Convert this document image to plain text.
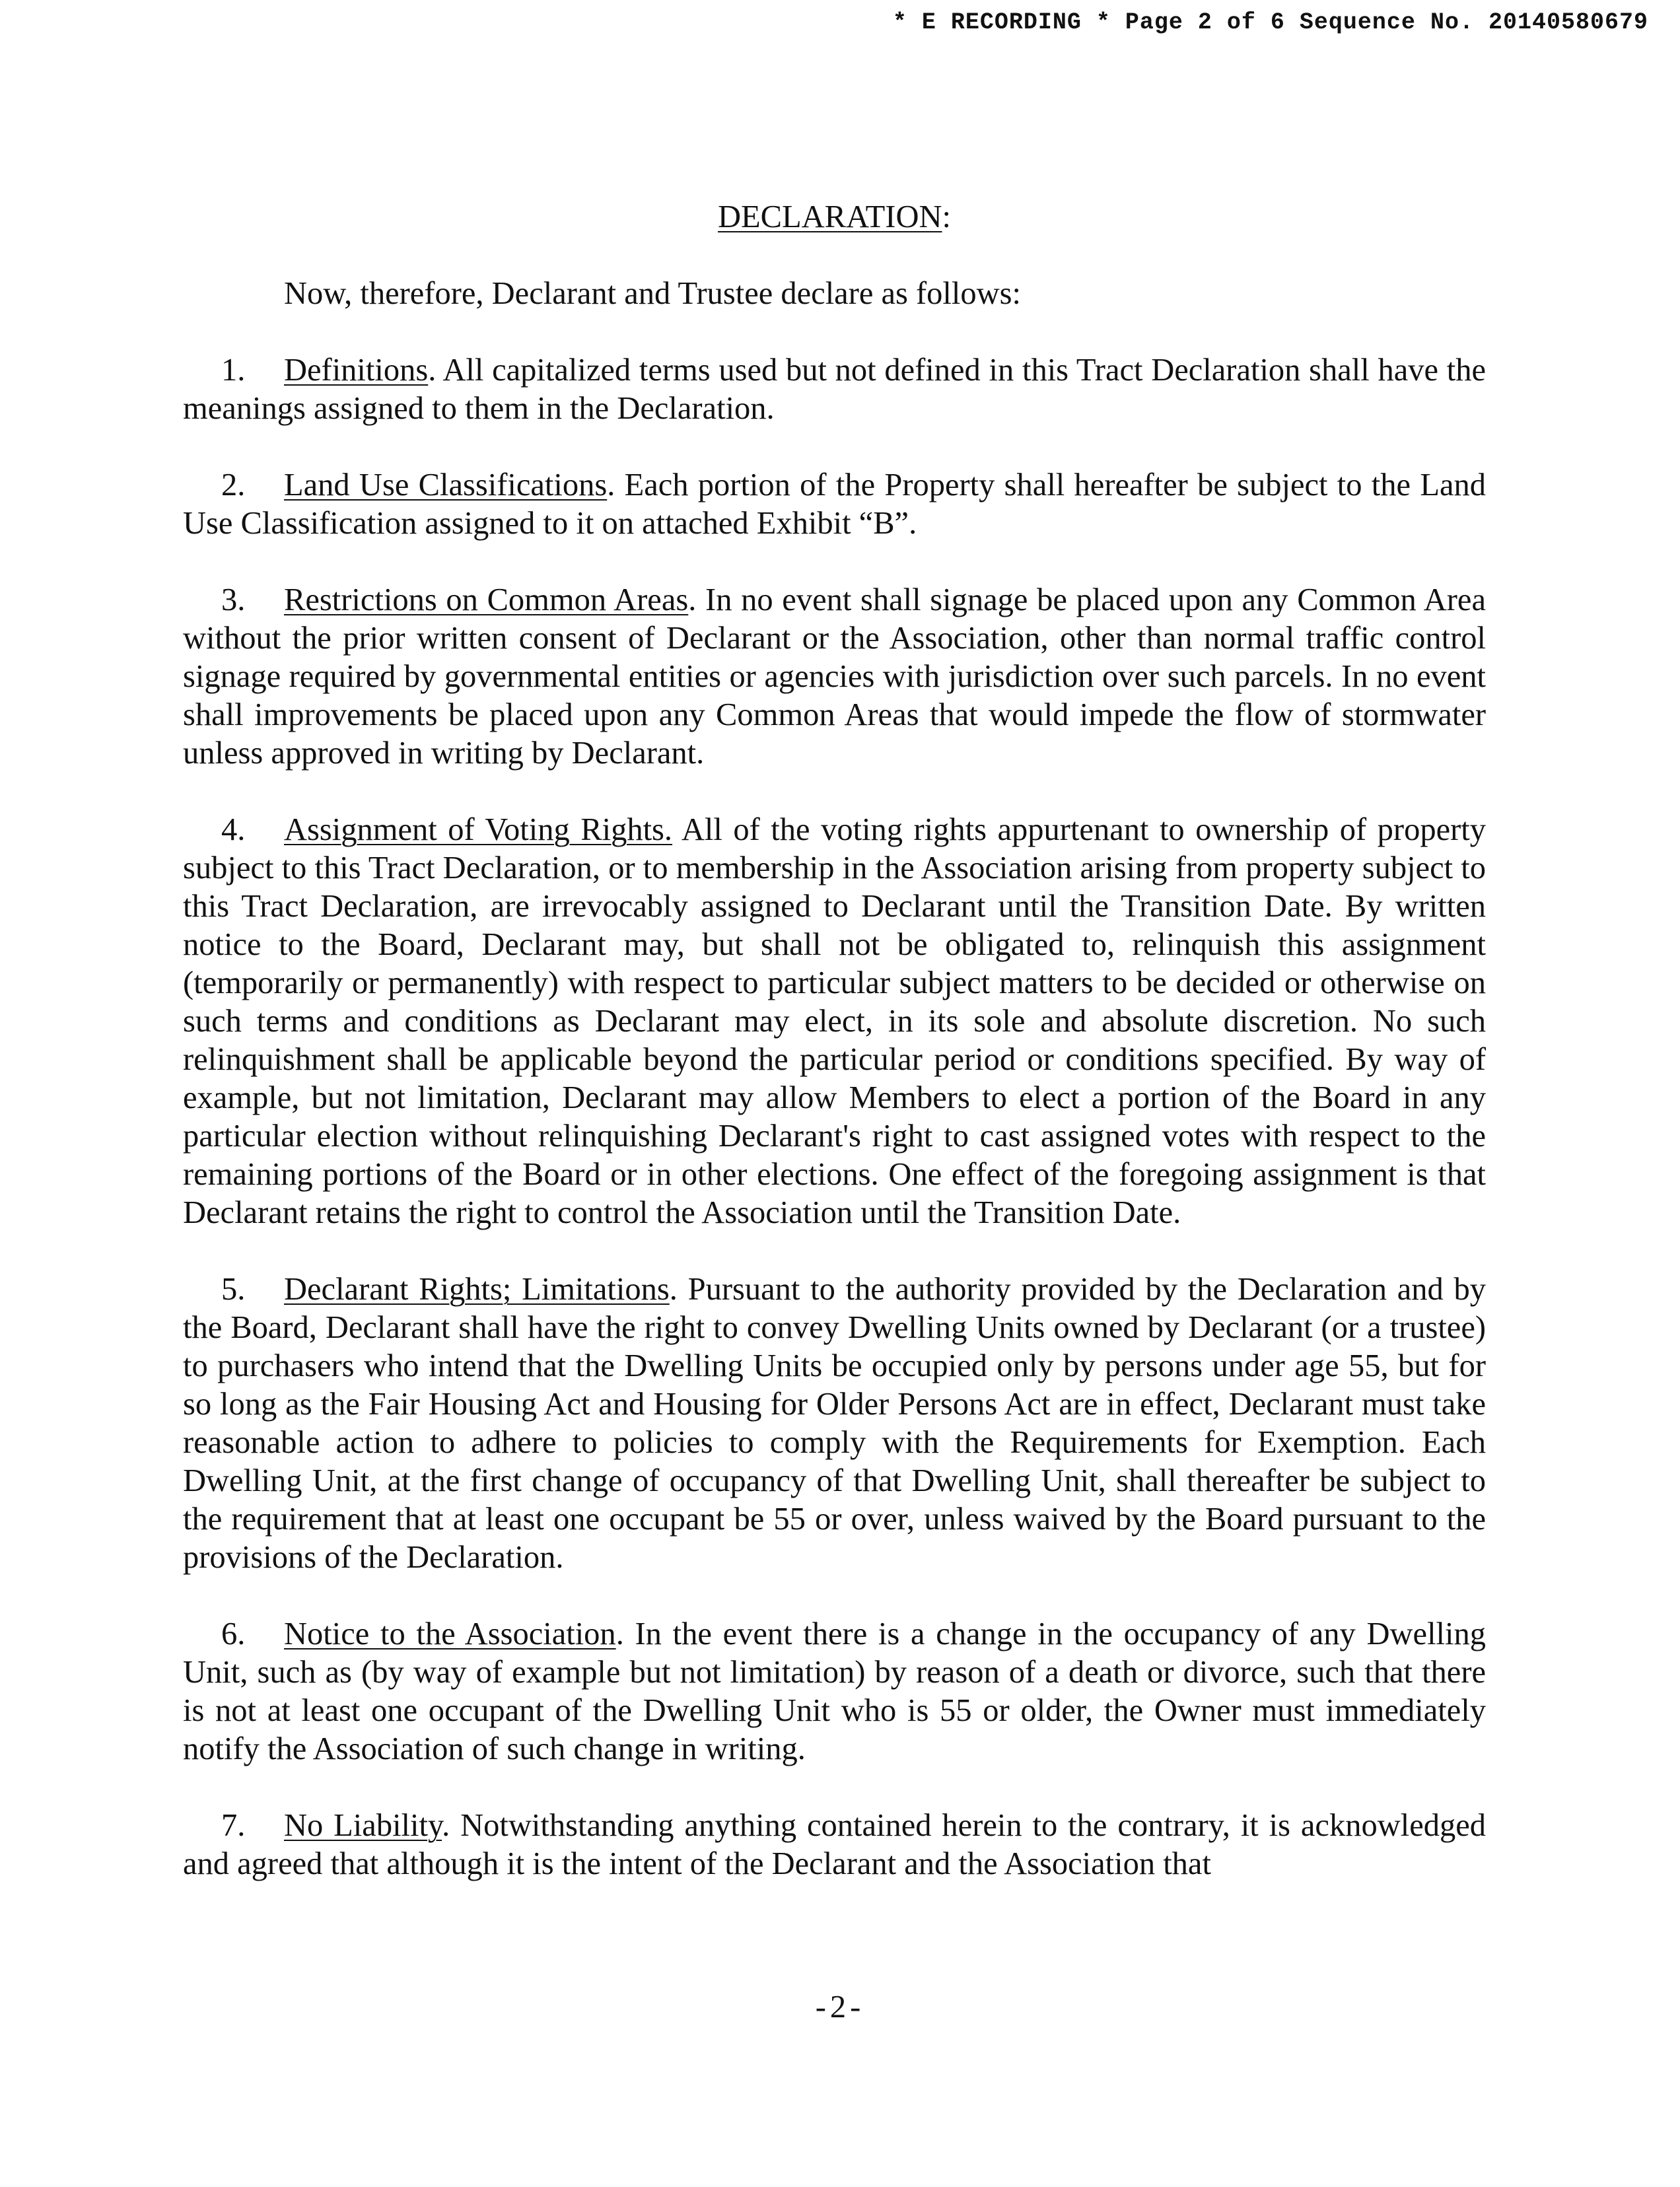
* E RECORDING * Page 2 of 6 Sequence No. 20140580679

DECLARATION:

Now, therefore, Declarant and Trustee declare as follows:

1. Definitions. All capitalized terms used but not defined in this Tract Declaration shall have the meanings assigned to them in the Declaration.

2. Land Use Classifications. Each portion of the Property shall hereafter be subject to the Land Use Classification assigned to it on attached Exhibit “B”.

3. Restrictions on Common Areas. In no event shall signage be placed upon any Common Area without the prior written consent of Declarant or the Association, other than normal traffic control signage required by governmental entities or agencies with jurisdiction over such parcels. In no event shall improvements be placed upon any Common Areas that would impede the flow of stormwater unless approved in writing by Declarant.

4. Assignment of Voting Rights. All of the voting rights appurtenant to ownership of property subject to this Tract Declaration, or to membership in the Association arising from property subject to this Tract Declaration, are irrevocably assigned to Declarant until the Transition Date. By written notice to the Board, Declarant may, but shall not be obligated to, relinquish this assignment (temporarily or permanently) with respect to particular subject matters to be decided or otherwise on such terms and conditions as Declarant may elect, in its sole and absolute discretion. No such relinquishment shall be applicable beyond the particular period or conditions specified. By way of example, but not limitation, Declarant may allow Members to elect a portion of the Board in any particular election without relinquishing Declarant's right to cast assigned votes with respect to the remaining portions of the Board or in other elections. One effect of the foregoing assignment is that Declarant retains the right to control the Association until the Transition Date.

5. Declarant Rights; Limitations. Pursuant to the authority provided by the Declaration and by the Board, Declarant shall have the right to convey Dwelling Units owned by Declarant (or a trustee) to purchasers who intend that the Dwelling Units be occupied only by persons under age 55, but for so long as the Fair Housing Act and Housing for Older Persons Act are in effect, Declarant must take reasonable action to adhere to policies to comply with the Requirements for Exemption. Each Dwelling Unit, at the first change of occupancy of that Dwelling Unit, shall thereafter be subject to the requirement that at least one occupant be 55 or over, unless waived by the Board pursuant to the provisions of the Declaration.

6. Notice to the Association. In the event there is a change in the occupancy of any Dwelling Unit, such as (by way of example but not limitation) by reason of a death or divorce, such that there is not at least one occupant of the Dwelling Unit who is 55 or older, the Owner must immediately notify the Association of such change in writing.

7. No Liability. Notwithstanding anything contained herein to the contrary, it is acknowledged and agreed that although it is the intent of the Declarant and the Association that

-2-
